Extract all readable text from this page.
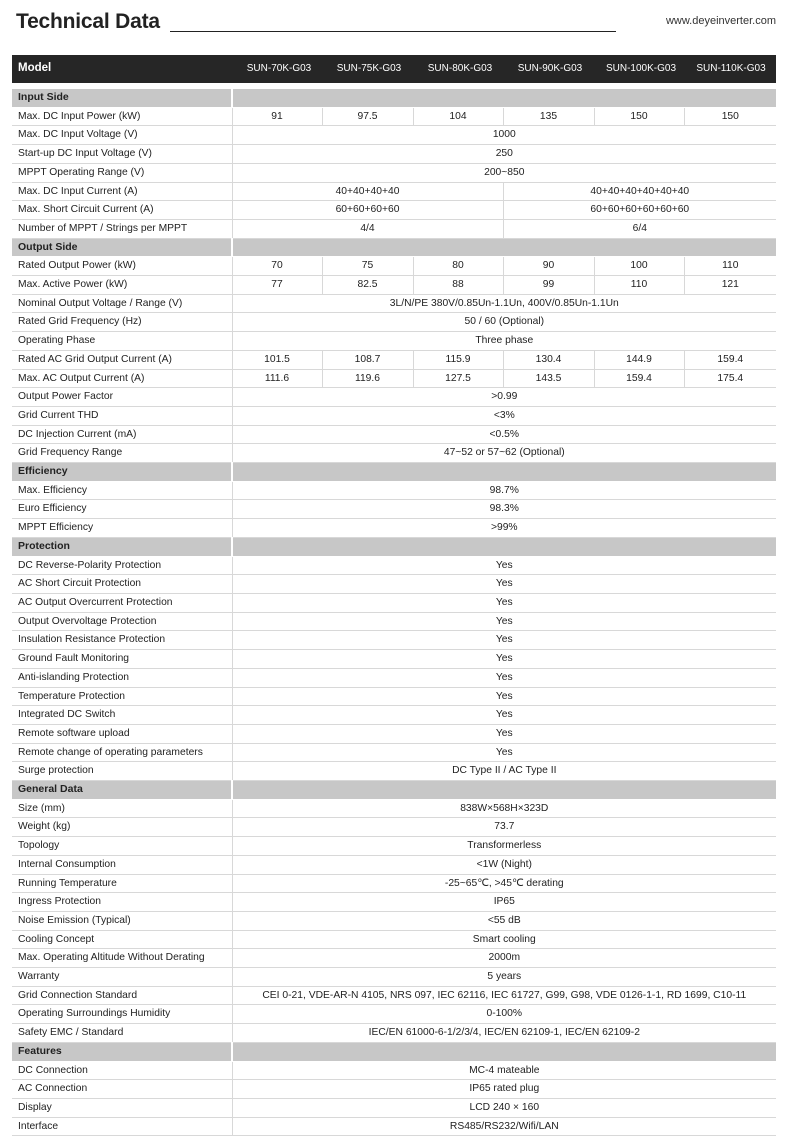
Technical Data	www.deyeinverter.com
Model	SUN-70K-G03	SUN-75K-G03	SUN-80K-G03	SUN-90K-G03	SUN-100K-G03	SUN-110K-G03
Input Side						
Max. DC Input Power (kW)	91	97.5	104	135	150	150
Max. DC Input Voltage (V)	1000					
Start-up DC Input Voltage (V)	250					
MPPT Operating Range (V)	200~850					
Max. DC Input Current (A)	40+40+40+40			40+40+40+40+40+40		
Max. Short Circuit Current (A)	60+60+60+60			60+60+60+60+60+60		
Number of MPPT / Strings per MPPT	4/4			6/4		
Output Side						
Rated Output Power (kW)	70	75	80	90	100	110
Max. Active Power (kW)	77	82.5	88	99	110	121
Nominal Output Voltage / Range (V)	3L/N/PE 380V/0.85Un-1.1Un, 400V/0.85Un-1.1Un					
Rated Grid Frequency (Hz)	50 / 60 (Optional)					
Operating Phase	Three phase					
Rated AC Grid Output Current (A)	101.5	108.7	115.9	130.4	144.9	159.4
Max. AC Output Current (A)	111.6	119.6	127.5	143.5	159.4	175.4
Output Power Factor	>0.99					
Grid Current THD	<3%					
DC Injection Current (mA)	<0.5%					
Grid Frequency Range	47~52 or 57~62 (Optional)					
Efficiency						
Max. Efficiency	98.7%					
Euro Efficiency	98.3%					
MPPT Efficiency	>99%					
Protection						
DC Reverse-Polarity Protection	Yes					
AC Short Circuit Protection	Yes					
AC Output Overcurrent Protection	Yes					
Output Overvoltage Protection	Yes					
Insulation Resistance Protection	Yes					
Ground Fault Monitoring	Yes					
Anti-islanding Protection	Yes					
Temperature Protection	Yes					
Integrated DC Switch	Yes					
Remote software upload	Yes					
Remote change of operating parameters	Yes					
Surge protection	DC Type II / AC Type II					
General Data						
Size (mm)	838W×568H×323D					
Weight (kg)	73.7					
Topology	Transformerless					
Internal Consumption	<1W (Night)					
Running Temperature	-25~65℃, >45℃ derating					
Ingress Protection	IP65					
Noise Emission (Typical)	<55 dB					
Cooling Concept	Smart cooling					
Max. Operating Altitude Without Derating	2000m					
Warranty	5 years					
Grid Connection Standard	CEI 0-21, VDE-AR-N 4105, NRS 097, IEC 62116, IEC 61727, G99, G98, VDE 0126-1-1, RD 1699, C10-11					
Operating Surroundings Humidity	0-100%					
Safety EMC / Standard	IEC/EN 61000-6-1/2/3/4, IEC/EN 62109-1, IEC/EN 62109-2					
Features						
DC Connection	MC-4 mateable					
AC Connection	IP65 rated plug					
Display	LCD 240 × 160					
Interface	RS485/RS232/Wifi/LAN					
